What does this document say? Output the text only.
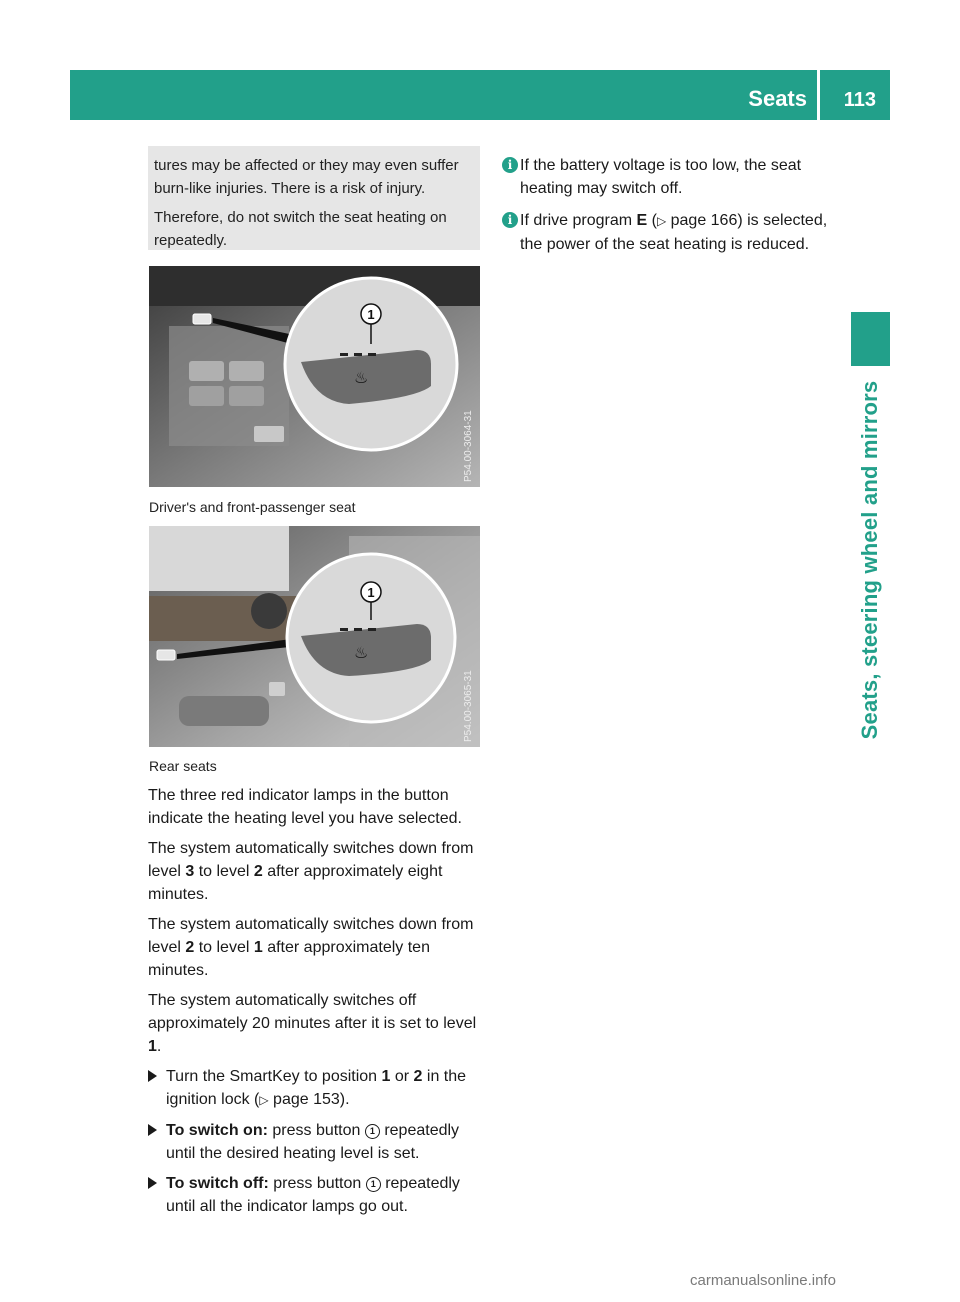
Seats	113
Seats, steering wheel and mirrors

tures may be affected or they may even suffer burn-like injuries. There is a risk of injury.

Therefore, do not switch the seat heating on repeatedly.

♨
1
P54.00-3064-31
Driver's and front-passenger seat
♨
1
P54.00-3065-31
Rear seats

The three red indicator lamps in the button indicate the heating level you have selected.

The system automatically switches down from level 3 to level 2 after approximately eight minutes.

The system automatically switches down from level 2 to level 1 after approximately ten minutes.

The system automatically switches off approximately 20 minutes after it is set to level 1.

Turn the SmartKey to position 1 or 2 in the ignition lock (▷ page 153).
To switch on: press button 1 repeatedly until the desired heating level is set.
To switch off: press button 1 repeatedly until all the indicator lamps go out.
i If the battery voltage is too low, the seat heating may switch off.
i If drive program E (▷ page 166) is selected, the power of the seat heating is reduced.
carmanualsonline.info
